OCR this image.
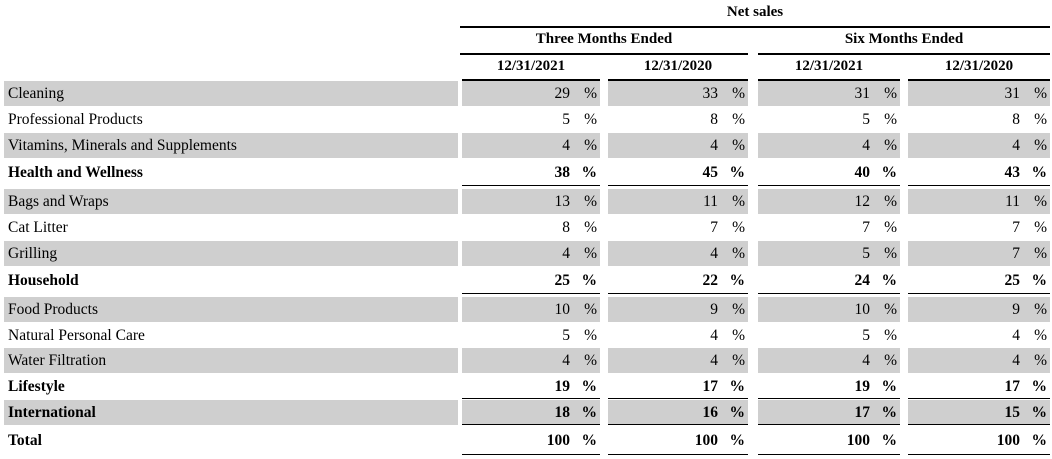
Net sales
Three Months Ended	Six Months Ended
12/31/2021	12/31/2020	12/31/2021	12/31/2020
Cleaning	29 %	33 %	31 %	31 %
Professional Products	5 %	8 %	5 %	8 %
Vitamins, Minerals and Supplements	4 %	4 %	4 %	4 %
Health and Wellness	38 %	45 %	40 %	43 %
Bags and Wraps	13 %	11 %	12 %	11 %
Cat Litter	8 %	7 %	7 %	7 %
Grilling	4 %	4 %	5 %	7 %
Household	25 %	22 %	24 %	25 %
Food Products	10 %	9 %	10 %	9 %
Natural Personal Care	5 %	4 %	5 %	4 %
Water Filtration	4 %	4 %	4 %	4 %
Lifestyle	19 %	17 %	19 %	17 %
International	18 %	16 %	17 %	15 %
Total	100 %	100 %	100 %	100 %
